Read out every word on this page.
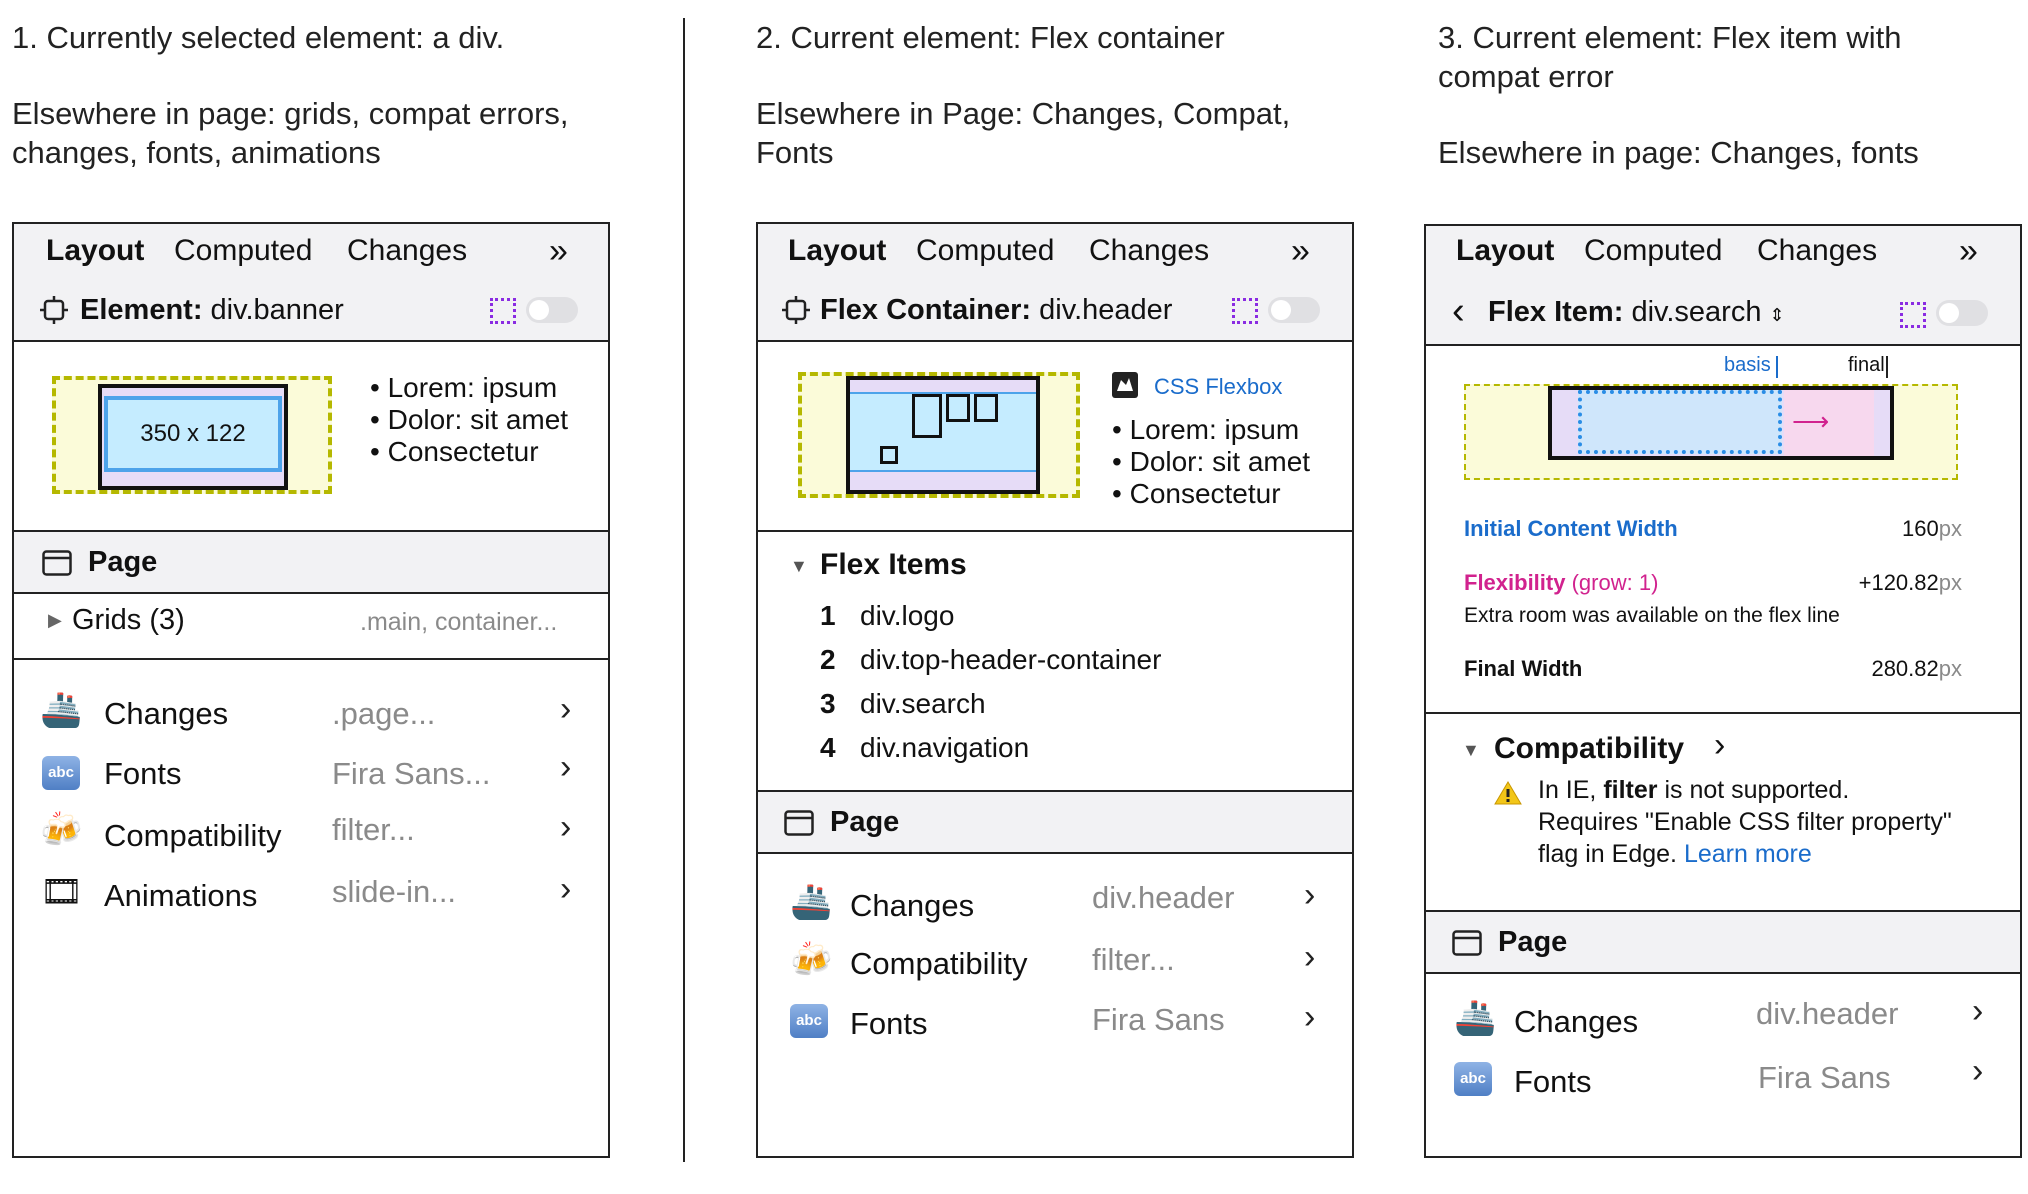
1. Currently selected element: a div.

Elsewhere in page: grids, compat errors,

changes, fonts, animations

2. Current element: Flex container

Elsewhere in Page: Changes, Compat,

Fonts

3. Current element: Flex item with

compat error

Elsewhere in page: Changes, fonts

Layout Computed Changes »
Element: div.banner
350 x 122
• Lorem: ipsum
• Dolor: sit amet
• Consectetur
Page
▶ Grids (3)	.main, container...
🚢 Changes	.page...	›
abc Fonts	Fira Sans... ›
🍻 Compatibility filter...	›
🎞 Animations slide-in...	›
Layout Computed Changes »
Flex Container: div.header
CSS Flexbox
• Lorem: ipsum
• Dolor: sit amet
• Consectetur
▼ Flex Items
1 div.logo
2 div.top-header-container
3 div.search
4 div.navigation
Page
🚢 Changes	div.header ›
🍻 Compatibility filter...	›
abc Fonts	Fira Sans ›
Layout Computed Changes »
‹ Flex Item: div.search ⇕
basis	final
⟶
Initial Content Width	160px
Flexibility (grow: 1)	+120.82px
Extra room was available on the flex line
Final Width	280.82px
▼ Compatibility ›
In IE, filter is not supported.
Requires "Enable CSS filter property"
flag in Edge. Learn more
Page
🚢 Changes	div.header ›
abc Fonts	Fira Sans ›
